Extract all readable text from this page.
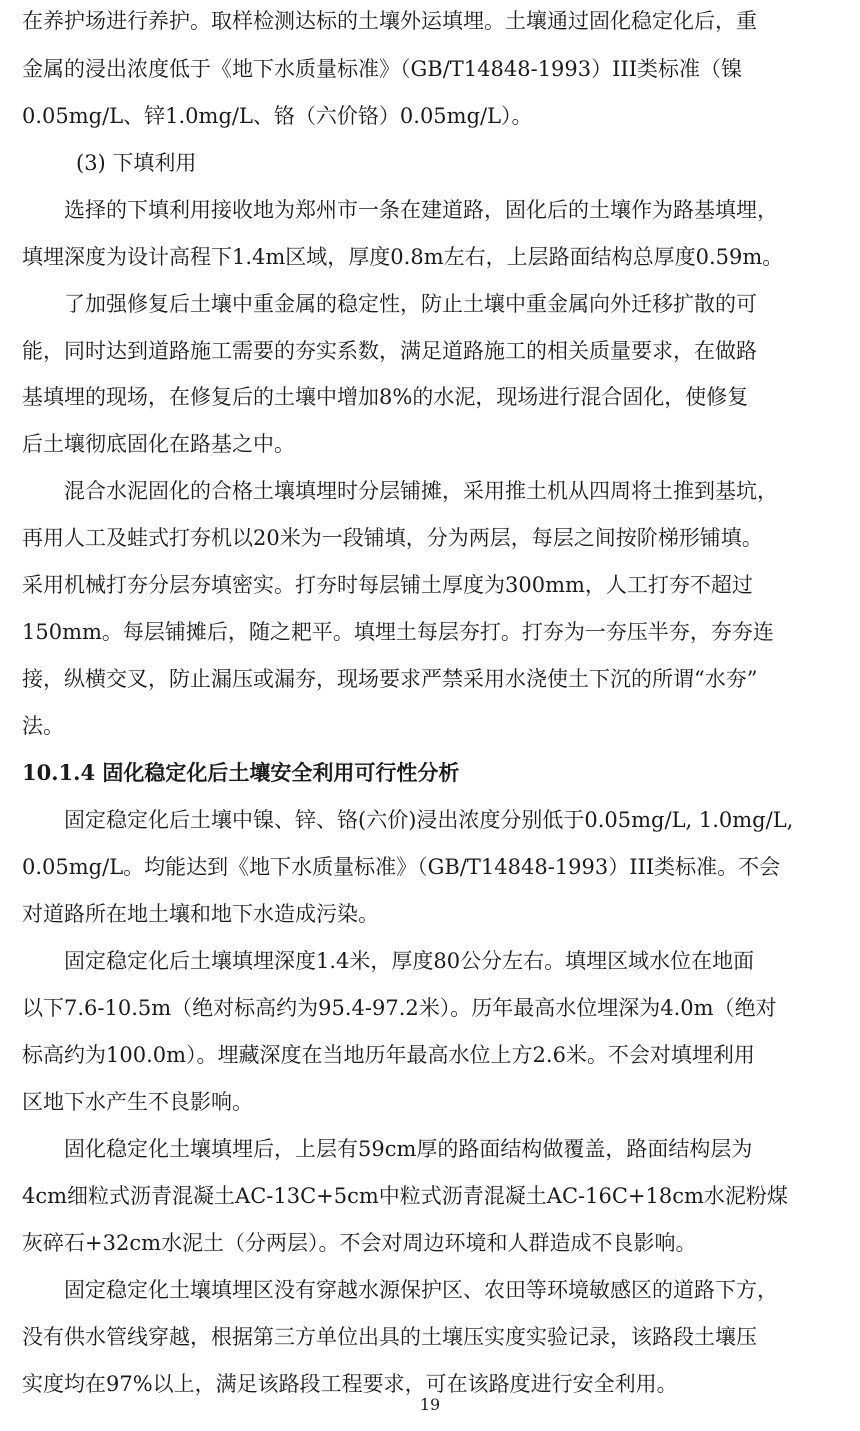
在养护场进行养护。取样检测达标的土壤外运填埋。土壤通过固化稳定化后，重
金属的浸出浓度低于《地下水质量标准》（GB/T14848-1993）III类标准（镍
0.05mg/L、锌1.0mg/L、铬（六价铬）0.05mg/L）。
(3) 下填利用
选择的下填利用接收地为郑州市一条在建道路，固化后的土壤作为路基填埋，
填埋深度为设计高程下1.4m区域，厚度0.8m左右，上层路面结构总厚度0.59m。
了加强修复后土壤中重金属的稳定性，防止土壤中重金属向外迁移扩散的可
能，同时达到道路施工需要的夯实系数，满足道路施工的相关质量要求，在做路
基填埋的现场，在修复后的土壤中增加8%的水泥，现场进行混合固化，使修复
后土壤彻底固化在路基之中。
混合水泥固化的合格土壤填埋时分层铺摊，采用推土机从四周将土推到基坑，
再用人工及蛙式打夯机以20米为一段铺填，分为两层，每层之间按阶梯形铺填。
采用机械打夯分层夯填密实。打夯时每层铺土厚度为300mm，人工打夯不超过
150mm。每层铺摊后，随之耙平。填埋土每层夯打。打夯为一夯压半夯，夯夯连
接，纵横交叉，防止漏压或漏夯，现场要求严禁采用水浇使土下沉的所谓“水夯”
法。
10.1.4 固化稳定化后土壤安全利用可行性分析
固定稳定化后土壤中镍、锌、铬(六价)浸出浓度分别低于0.05mg/L, 1.0mg/L,
0.05mg/L。均能达到《地下水质量标准》（GB/T14848-1993）III类标准。不会
对道路所在地土壤和地下水造成污染。
固定稳定化后土壤填埋深度1.4米，厚度80公分左右。填埋区域水位在地面
以下7.6-10.5m（绝对标高约为95.4-97.2米）。历年最高水位埋深为4.0m（绝对
标高约为100.0m）。埋藏深度在当地历年最高水位上方2.6米。不会对填埋利用
区地下水产生不良影响。
固化稳定化土壤填埋后，上层有59cm厚的路面结构做覆盖，路面结构层为
4cm细粒式沥青混凝土AC-13C+5cm中粒式沥青混凝土AC-16C+18cm水泥粉煤
灰碎石+32cm水泥土（分两层）。不会对周边环境和人群造成不良影响。
固定稳定化土壤填埋区没有穿越水源保护区、农田等环境敏感区的道路下方，
没有供水管线穿越，根据第三方单位出具的土壤压实度实验记录，该路段土壤压
实度均在97%以上，满足该路段工程要求，可在该路度进行安全利用。
19
